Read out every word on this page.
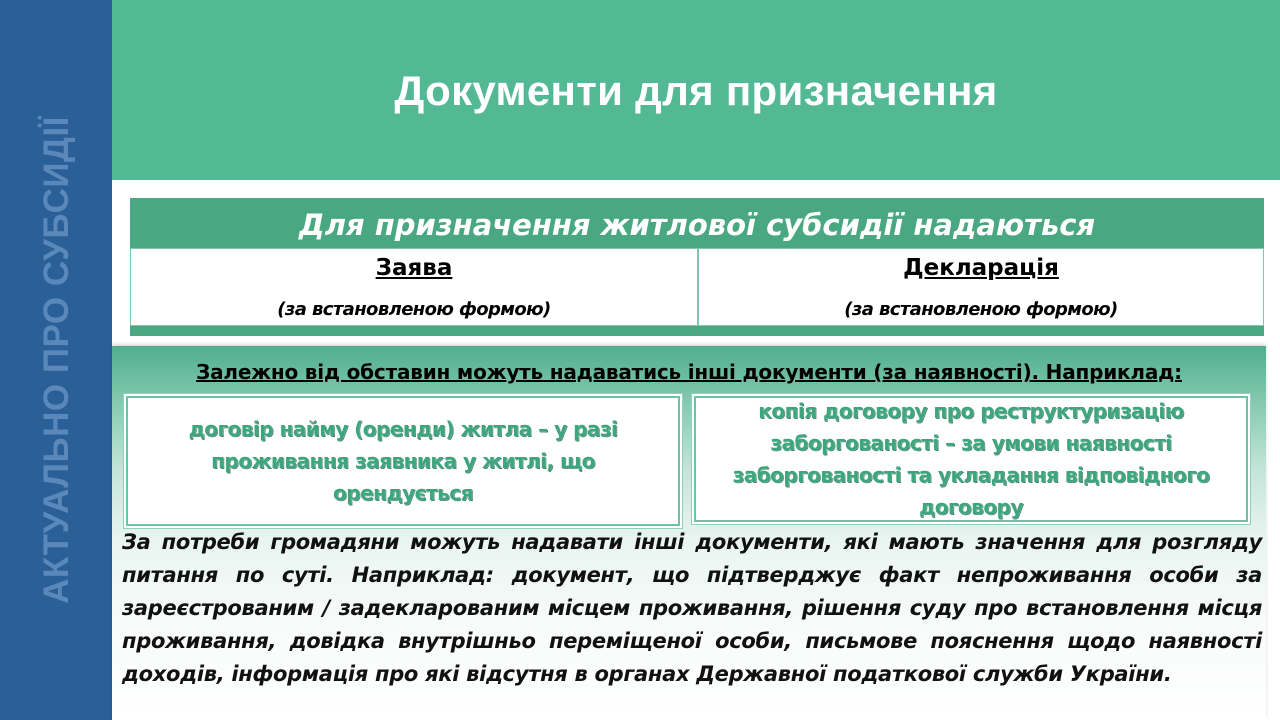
АКТУАЛЬНО ПРО СУБСИДІЇ
Документи для призначення
Для призначення житлової субсидії надаються
Заява
(за встановленою формою)
Декларація
(за встановленою формою)
Залежно від обставин можуть надаватись інші документи (за наявності). Наприклад:
договір найму (оренди) житла – у разі проживання заявника у житлі, що орендується
копія договору про реструктуризацію заборгованості – за умови наявності заборгованості та укладання відповідного договору
За потреби громадяни можуть надавати інші документи, які мають значення для розгляду питання по суті. Наприклад: документ, що підтверджує факт непроживання особи за зареєстрованим / задекларованим місцем проживання, рішення суду про встановлення місця проживання, довідка внутрішньо переміщеної особи, письмове пояснення щодо наявності доходів, інформація про які відсутня в органах Державної податкової служби України.
